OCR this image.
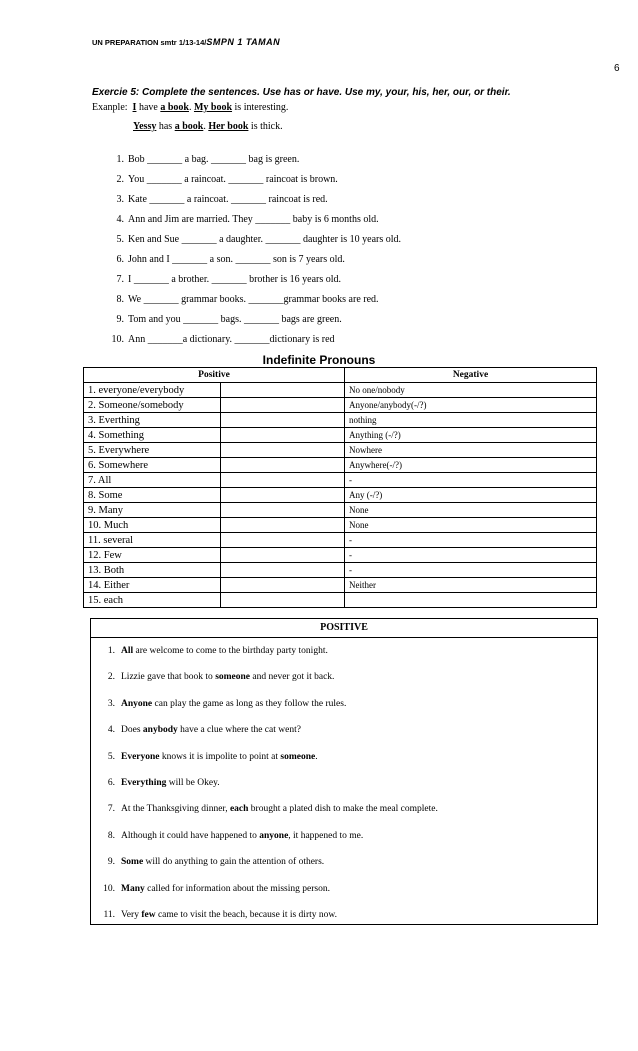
UN PREPARATION smtr 1/13-14/SMPN 1 TAMAN
6
Exercie 5: Complete the sentences. Use has or have. Use my, your, his, her, our, or their.
Exanple: I have a book. My book is interesting.
Yessy has a book. Her book is thick.
1. Bob _______ a bag. _______ bag is green.
2. You _______ a raincoat. _______ raincoat is brown.
3. Kate _______ a raincoat. _______ raincoat is red.
4. Ann and Jim are married. They _______ baby is 6 months old.
5. Ken and Sue _______ a daughter. _______ daughter is 10 years old.
6. John and I _______ a son. _______ son is 7 years old.
7. I _______ a brother. _______ brother is 16 years old.
8. We _______ grammar books. _______grammar books are red.
9. Tom and you _______ bags. _______ bags are green.
10. Ann _______a dictionary. _______dictionary is red
Indefinite Pronouns
Positive		Negative
1. everyone/everybody		No one/nobody
2. Someone/somebody		Anyone/anybody(-/?)
3. Everthing		nothing
4. Something		Anything (-/?)
5. Everywhere		Nowhere
6. Somewhere		Anywhere(-/?)
7. All		-
8. Some		Any (-/?)
9. Many		None
10. Much		None
11. several		-
12. Few		-
13. Both		-
14. Either		Neither
15. each		
POSITIVE
1. All are welcome to come to the birthday party tonight.
2. Lizzie gave that book to someone and never got it back.
3. Anyone can play the game as long as they follow the rules.
4. Does anybody have a clue where the cat went?
5. Everyone knows it is impolite to point at someone.
6. Everything will be Okey.
7. At the Thanksgiving dinner, each brought a plated dish to make the meal complete.
8. Although it could have happened to anyone, it happened to me.
9. Some will do anything to gain the attention of others.
10. Many called for information about the missing person.
11. Very few came to visit the beach, because it is dirty now.
